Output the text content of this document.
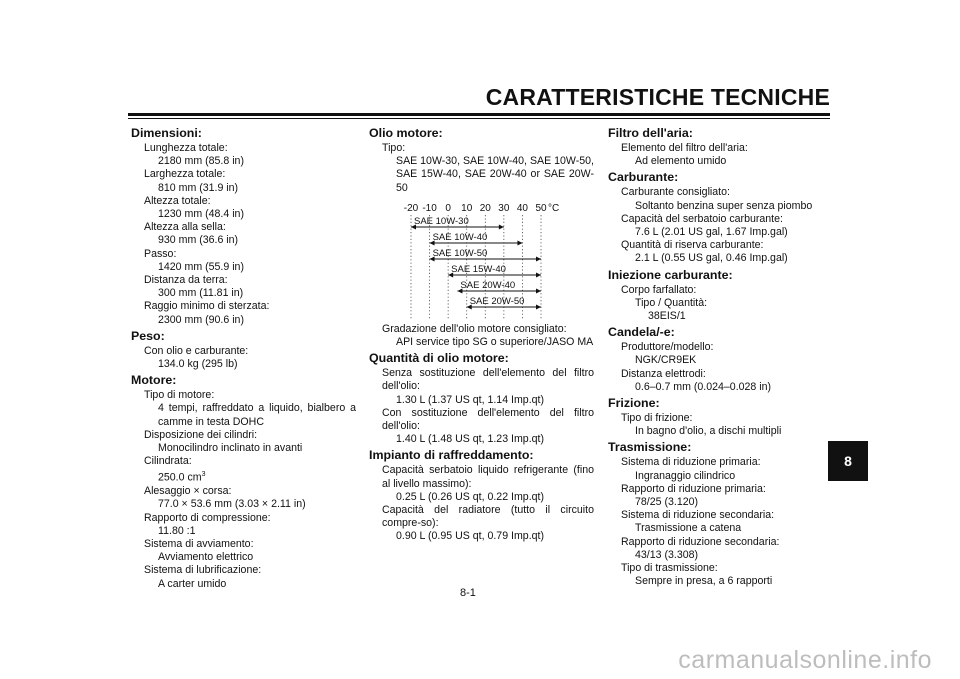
CARATTERISTICHE TECNICHE
Dimensioni:
Lunghezza totale:
2180 mm (85.8 in)
Larghezza totale:
810 mm (31.9 in)
Altezza totale:
1230 mm (48.4 in)
Altezza alla sella:
930 mm (36.6 in)
Passo:
1420 mm (55.9 in)
Distanza da terra:
300 mm (11.81 in)
Raggio minimo di sterzata:
2300 mm (90.6 in)
Peso:
Con olio e carburante:
134.0 kg (295 lb)
Motore:
Tipo di motore:
4 tempi, raffreddato a liquido, bialbero a camme in testa DOHC
Disposizione dei cilindri:
Monocilindro inclinato in avanti
Cilindrata:
250.0 $cm^3$
Alesaggio × corsa:
77.0 × 53.6 mm (3.03 × 2.11 in)
Rapporto di compressione:
11.80 :1
Sistema di avviamento:
Avviamento elettrico
Sistema di lubrificazione:
A carter umido
Olio motore:
Tipo:
SAE 10W-30, SAE 10W-40, SAE 10W-50, SAE 15W-40, SAE 20W-40 or SAE 20W-50
-20 -10 0 10 20 30 40 50 °C
SAE 10W-30
SAE 10W-40
SAE 10W-50
SAE 15W-40
SAE 20W-40
SAE 20W-50
Gradazione dell'olio motore consigliato:
API service tipo SG o superiore/JASO MA
Quantità di olio motore:
Senza sostituzione dell'elemento del filtro dell'olio:
1.30 L (1.37 US qt, 1.14 Imp.qt)
Con sostituzione dell'elemento del filtro dell'olio:
1.40 L (1.48 US qt, 1.23 Imp.qt)
Impianto di raffreddamento:
Capacità serbatoio liquido refrigerante (fino al livello massimo):
0.25 L (0.26 US qt, 0.22 Imp.qt)
Capacità del radiatore (tutto il circuito compre-so):
0.90 L (0.95 US qt, 0.79 Imp.qt)
Filtro dell'aria:
Elemento del filtro dell'aria:
Ad elemento umido
Carburante:
Carburante consigliato:
Soltanto benzina super senza piombo
Capacità del serbatoio carburante:
7.6 L (2.01 US gal, 1.67 Imp.gal)
Quantità di riserva carburante:
2.1 L (0.55 US gal, 0.46 Imp.gal)
Iniezione carburante:
Corpo farfallato:
Tipo / Quantità:
38EIS/1
Candela/-e:
Produttore/modello:
NGK/CR9EK
Distanza elettrodi:
0.6–0.7 mm (0.024–0.028 in)
Frizione:
Tipo di frizione:
In bagno d'olio, a dischi multipli
Trasmissione:
Sistema di riduzione primaria:
Ingranaggio cilindrico
Rapporto di riduzione primaria:
78/25 (3.120)
Sistema di riduzione secondaria:
Trasmissione a catena
Rapporto di riduzione secondaria:
43/13 (3.308)
Tipo di trasmissione:
Sempre in presa, a 6 rapporti
8
8-1
carmanualsonline.info
